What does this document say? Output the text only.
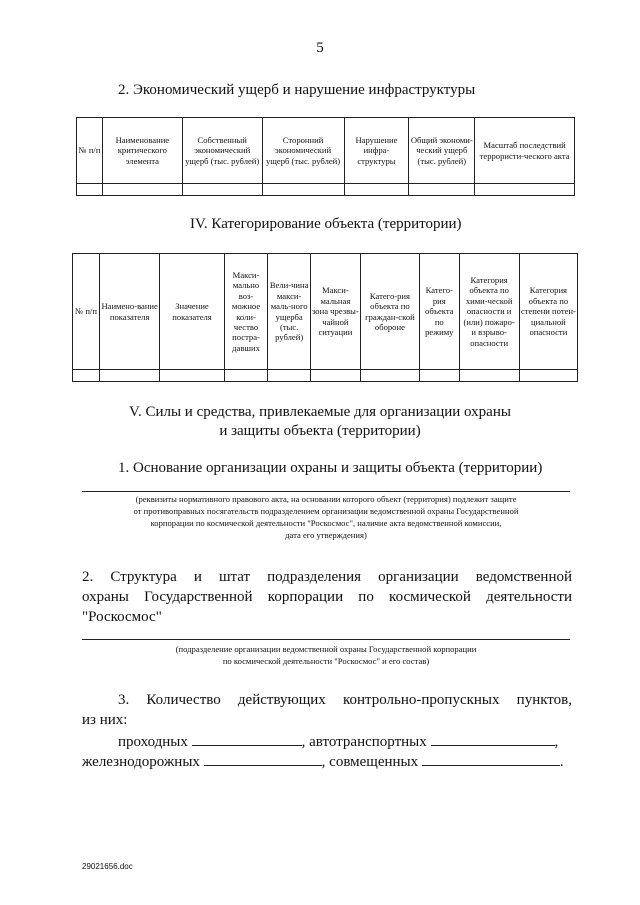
5
2. Экономический ущерб и нарушение инфраструктуры
№ п/п	Наименование критического элемента	Собственный экономический ущерб (тыс. рублей)	Сторонний экономический ущерб (тыс. рублей)	Нарушение инфра-структуры	Общий экономи-ческий ущерб (тыс. рублей)	Масштаб последствий террористи-ческого акта

IV. Категорирование объекта (территории)
№ п/п	Наимено-вание показателя	Значение показателя	Макси-мально воз-можное коли-чество постра-давших	Вели-чина макси-маль-ного ущерба (тыс. рублей)	Макси-мальная зона чрезвы-чайной ситуации	Катего-рия объекта по граждан-ской обороне	Катего-рия объекта по режиму	Категория объекта по хими-ческой опасности и (или) пожаро- и взрыво-опасности	Категория объекта по степени потен-циальной опасности

V. Силы и средства, привлекаемые для организации охраны
и защиты объекта (территории)
1. Основание организации охраны и защиты объекта (территории)
(реквизиты нормативного правового акта, на основании которого объект (территория) подлежит защите
от противоправных посягательств подразделением организации ведомственной охраны Государственной
корпорации по космической деятельности "Роскосмос", наличие акта ведомственной комиссии,
дата его утверждения)
2. Структура и штат подразделения организации ведомственной
охраны Государственной корпорации по космической деятельности
"Роскосмос"
(подразделение организации ведомственной охраны Государственной корпорации
по космической деятельности "Роскосмос" и его состав)
3. Количество действующих контрольно-пропускных пунктов,
из них:
проходных	, автотранспортных	,
железнодорожных	, совмещенных	.
29021656.doc
